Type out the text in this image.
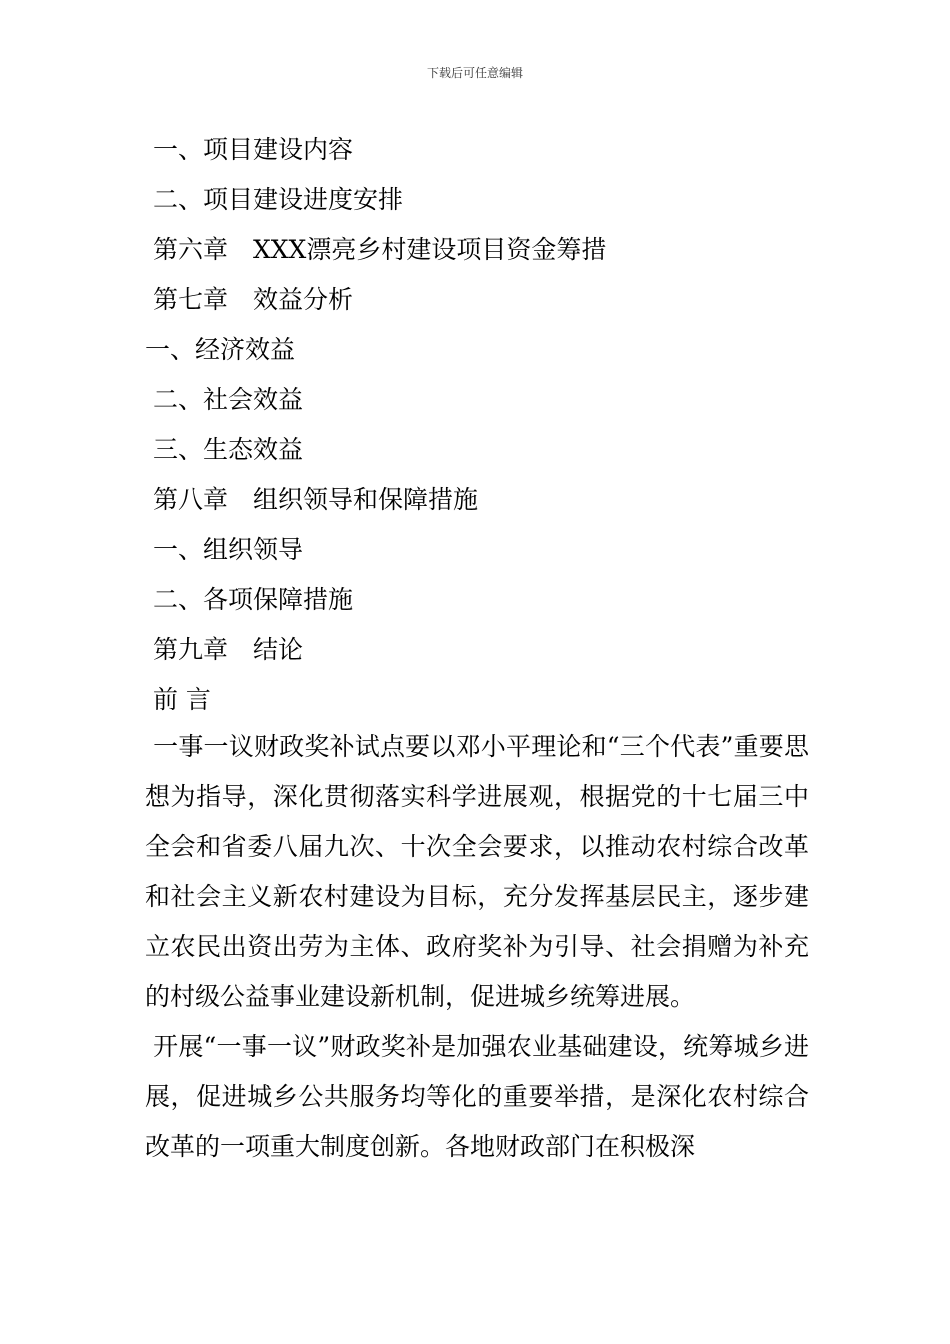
下载后可任意编辑
一、项目建设内容
二、项目建设进度安排
第六章　XXX漂亮乡村建设项目资金筹措
第七章　效益分析
一、经济效益
二、社会效益
三、生态效益
第八章　组织领导和保障措施
一、组织领导
二、各项保障措施
第九章　结论
前 言

一事一议财政奖补试点要以邓小平理论和“三个代表”重要思想为指导，深化贯彻落实科学进展观，根据党的十七届三中全会和省委八届九次、十次全会要求，以推动农村综合改革和社会主义新农村建设为目标，充分发挥基层民主，逐步建立农民出资出劳为主体、政府奖补为引导、社会捐赠为补充的村级公益事业建设新机制，促进城乡统筹进展。

开展“一事一议”财政奖补是加强农业基础建设，统筹城乡进展，促进城乡公共服务均等化的重要举措，是深化农村综合改革的一项重大制度创新。各地财政部门在积极深
